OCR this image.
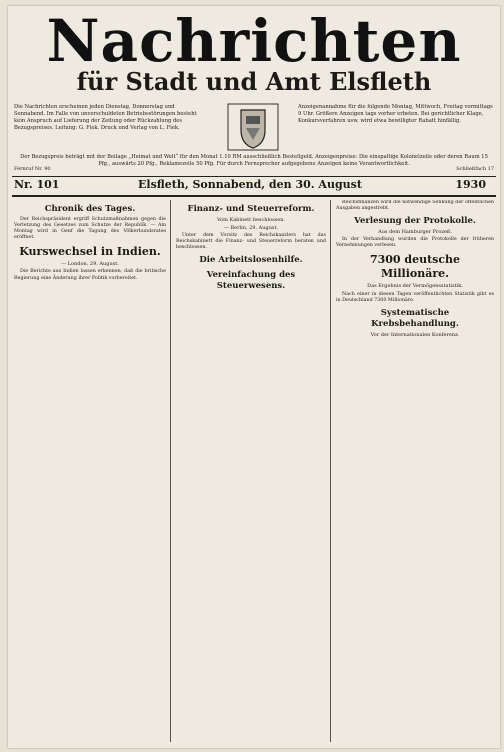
Nachrichten
für Stadt und Amt Elsfleth
Die Nachrichten erscheinen jeden Dienstag, Donnerstag und Sonnabend. Im Falle von unverschuldeten Betriebsstörungen besteht kein Anspruch auf Lieferung der Zeitung oder Rückzahlung des Bezugspreises. Leitung: G. Fiek. Druck und Verlag von L. Fiek.
Anzeigenannahme für die folgende Montag, Mittwoch, Freitag vormittags 9 Uhr. Größere Anzeigen tags vorher erbeten. Bei gerichtlicher Klage, Konkursverfahren usw. wird etwa bewilligter Rabatt hinfällig.
Der Bezugspreis beträgt mit der Beilage „Heimat und Welt“ für den Monat 1.10 RM ausschließlich Bestellgeld. Anzeigenpreise: Die einspaltige Kolonelzeile oder deren Raum 15 Pfg., auswärts 20 Pfg., Reklamezeile 50 Pfg. Für durch Fernsprecher aufgegebene Anzeigen keine Verantwortlichkeit.
Fernruf Nr. 90	Schließfach 17
Nr. 101	Elsfleth, Sonnabend, den 30. August	1930
Chronik des Tages.

Der Reichspräsident ergriff Schutzmaßnahmen gegen die Verletzung des Gesetzes zum Schutze der Republik. — Am Montag wird in Genf die Tagung des Völkerbundsrates eröffnet.

Kurswechsel in Indien.
— London, 29. August.

Die Berichte aus Indien lassen erkennen, daß die britische Regierung eine Änderung ihrer Politik vorbereitet.

Finanz- und Steuerreform.
Vom Kabinett beschlossen.
— Berlin, 29. August.

Unter dem Vorsitz des Reichskanzlers hat das Reichskabinett die Finanz- und Steuerreform beraten und beschlossen.

Die Arbeitslosenhilfe.
Vereinfachung des Steuerwesens.

Reichsfinanzen wird die notwendige Senkung der öffentlichen Ausgaben angestrebt.

Verlesung der Protokolle.
Aus dem Hamburger Prozeß.

In der Verhandlung wurden die Protokolle der früheren Vernehmungen verlesen.

7300 deutsche Millionäre.
Das Ergebnis der Vermögensstatistik.

Nach einer in diesen Tagen veröffentlichten Statistik gibt es in Deutschland 7300 Millionäre.

Systematische Krebsbehandlung.
Vor der Internationalen Konferenz.
